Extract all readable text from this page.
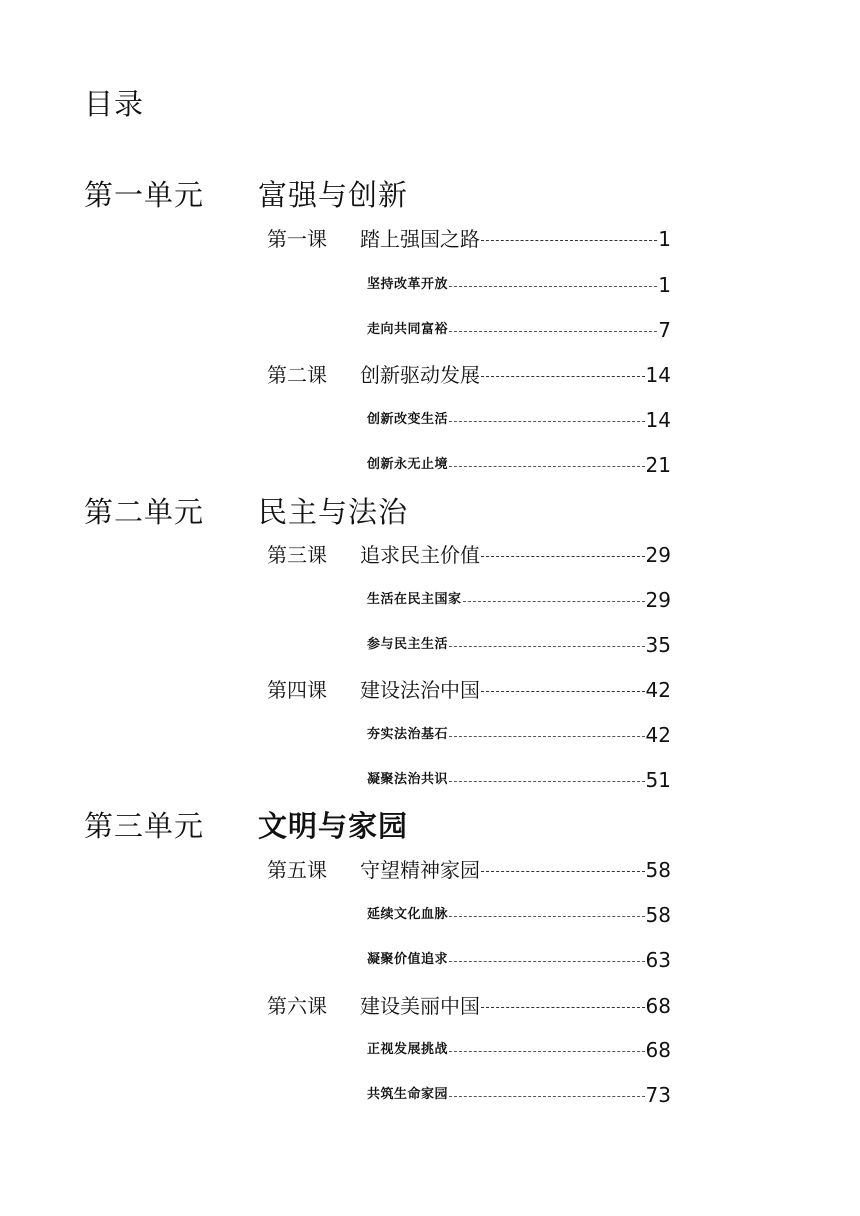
目录
第一单元 富强与创新
第一课 踏上强国之路	1
坚持改革开放	1
走向共同富裕	7
第二课 创新驱动发展	14
创新改变生活	14
创新永无止境	21
第二单元 民主与法治
第三课 追求民主价值	29
生活在民主国家	29
参与民主生活	35
第四课 建设法治中国	42
夯实法治基石	42
凝聚法治共识	51
第三单元 文明与家园
第五课 守望精神家园	58
延续文化血脉	58
凝聚价值追求	63
第六课 建设美丽中国	68
正视发展挑战	68
共筑生命家园	73
